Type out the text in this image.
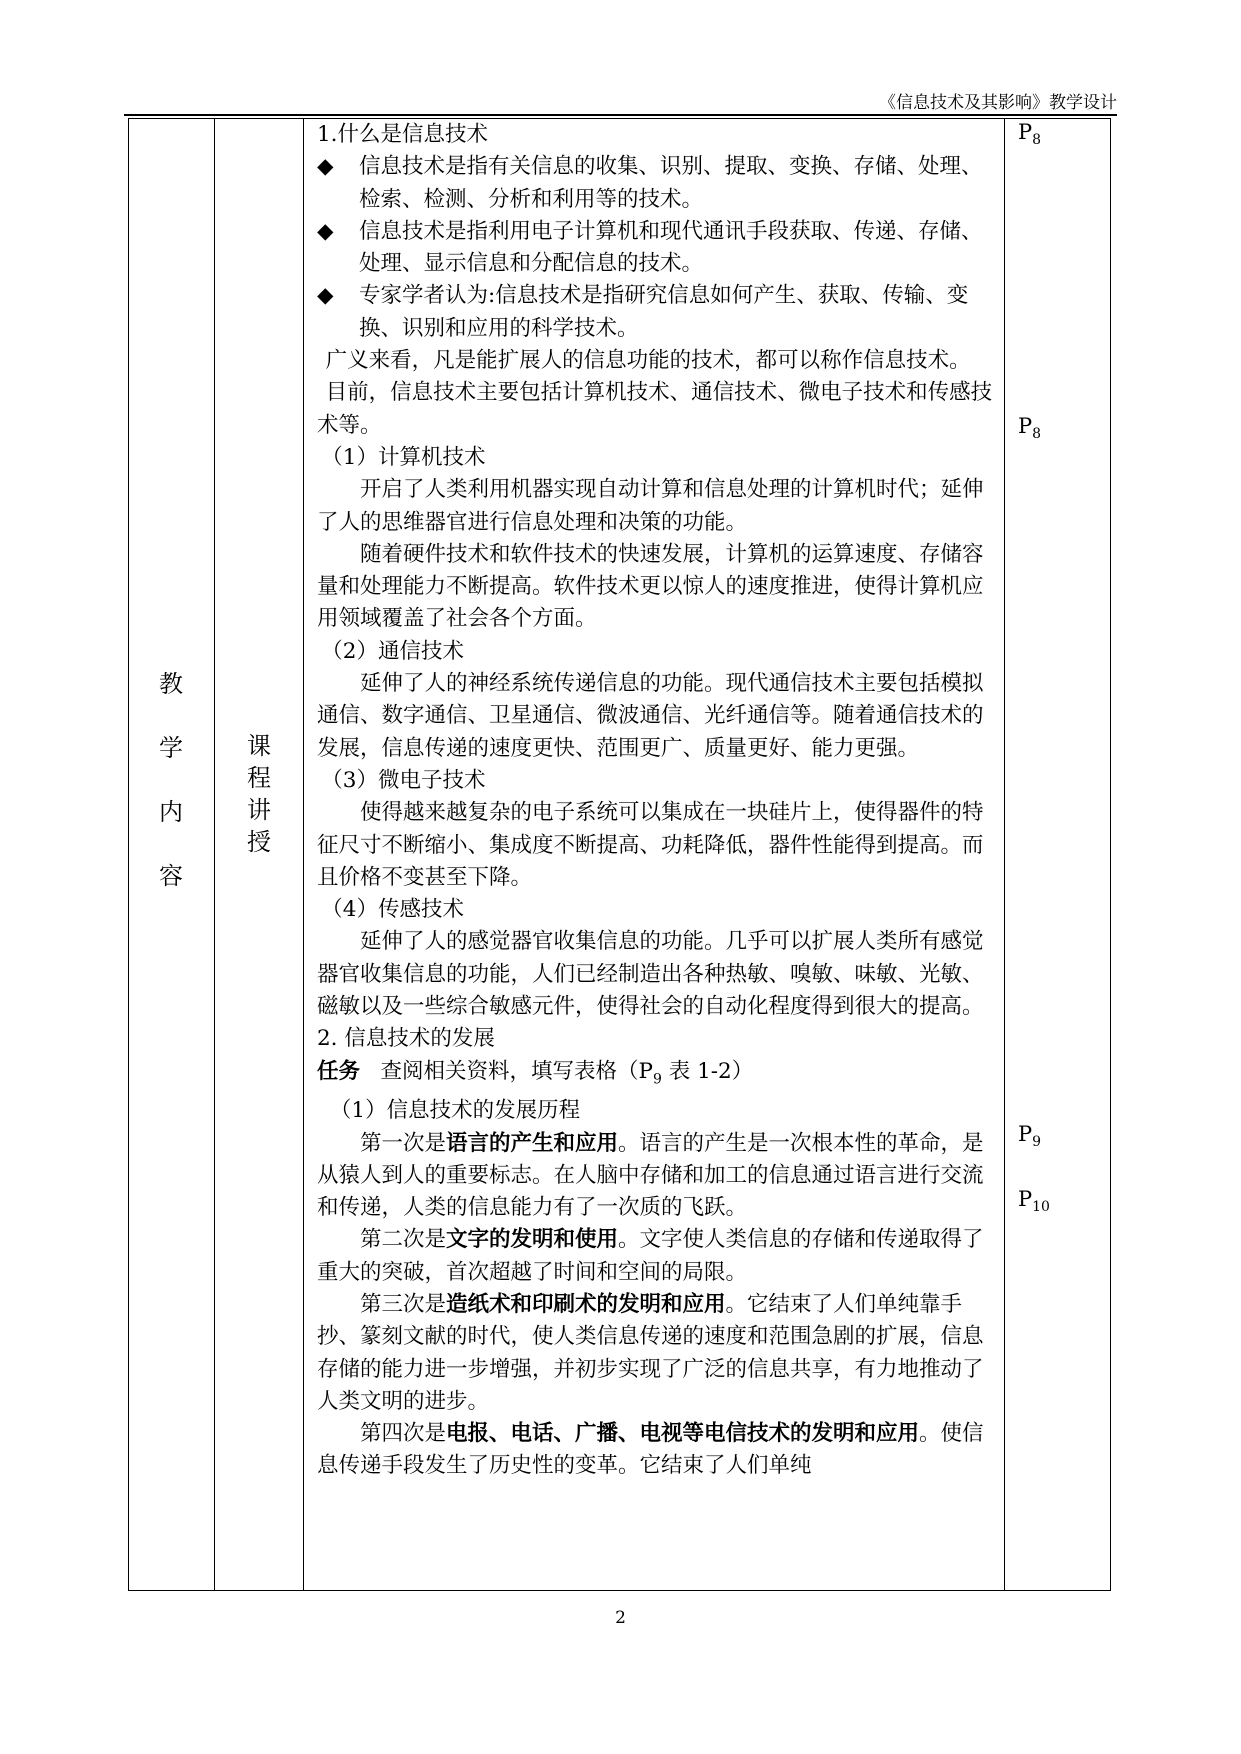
《信息技术及其影响》教学设计
教
学
内
容
课
程
讲
授

1.什么是信息技术

◆ 信息技术是指有关信息的收集、识别、提取、变换、存储、处理、检索、检测、分析和利用等的技术。

◆ 信息技术是指利用电子计算机和现代通讯手段获取、传递、存储、处理、显示信息和分配信息的技术。

◆ 专家学者认为:信息技术是指研究信息如何产生、获取、传输、变换、识别和应用的科学技术。

广义来看，凡是能扩展人的信息功能的技术，都可以称作信息技术。

目前，信息技术主要包括计算机技术、通信技术、微电子技术和传感技术等。

（1）计算机技术

开启了人类利用机器实现自动计算和信息处理的计算机时代；延伸了人的思维器官进行信息处理和决策的功能。

随着硬件技术和软件技术的快速发展，计算机的运算速度、存储容量和处理能力不断提高。软件技术更以惊人的速度推进，使得计算机应用领域覆盖了社会各个方面。

（2）通信技术

延伸了人的神经系统传递信息的功能。现代通信技术主要包括模拟通信、数字通信、卫星通信、微波通信、光纤通信等。随着通信技术的发展，信息传递的速度更快、范围更广、质量更好、能力更强。

（3）微电子技术

使得越来越复杂的电子系统可以集成在一块硅片上，使得器件的特征尺寸不断缩小、集成度不断提高、功耗降低，器件性能得到提高。而且价格不变甚至下降。

（4）传感技术

延伸了人的感觉器官收集信息的功能。几乎可以扩展人类所有感觉器官收集信息的功能，人们已经制造出各种热敏、嗅敏、味敏、光敏、磁敏以及一些综合敏感元件，使得社会的自动化程度得到很大的提高。

2. 信息技术的发展

任务 查阅相关资料，填写表格（$P_9$ 表 1-2）

（1）信息技术的发展历程

第一次是语言的产生和应用。语言的产生是一次根本性的革命，是从猿人到人的重要标志。在人脑中存储和加工的信息通过语言进行交流和传递，人类的信息能力有了一次质的飞跃。

第二次是文字的发明和使用。文字使人类信息的存储和传递取得了重大的突破，首次超越了时间和空间的局限。

第三次是造纸术和印刷术的发明和应用。它结束了人们单纯靠手抄、篆刻文献的时代，使人类信息传递的速度和范围急剧的扩展，信息存储的能力进一步增强，并初步实现了广泛的信息共享，有力地推动了人类文明的进步。

第四次是电报、电话、广播、电视等电信技术的发明和应用。使信息传递手段发生了历史性的变革。它结束了人们单纯

$P_8$
$P_8$
$P_9$
$P_{10}$
2
